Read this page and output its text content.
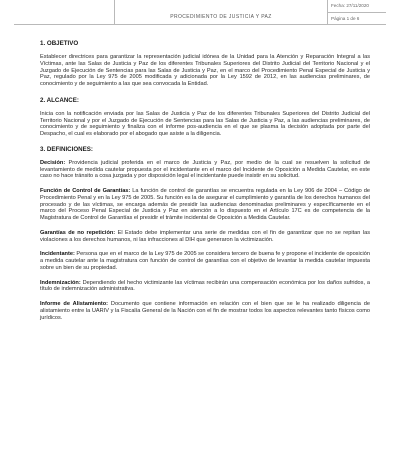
PROCEDIMIENTO DE JUSTICIA Y PAZ
Fecha: 27/11/2020
Página 1 de 6

1. OBJETIVO

Establecer directrices para garantizar la representación judicial idónea de la Unidad para la Atención y Reparación Integral a las Víctimas, ante las Salas de Justicia y Paz de los diferentes Tribunales Superiores del Distrito Judicial del Territorio Nacional y el Juzgado de Ejecución de Sentencias para las Salas de Justicia y Paz, en el marco del Procedimiento Penal Especial de Justicia y Paz, regulado por la Ley 975 de 2005 modificada y adicionada por la Ley 1592 de 2012, en las audiencias preliminares, de conocimiento y de seguimiento a las que sea convocada la Entidad.

2. ALCANCE:

Inicia con la notificación enviada por las Salas de Justicia y Paz de los diferentes Tribunales Superiores del Distrito Judicial del Territorio Nacional y por el Juzgado de Ejecución de Sentencias para las Salas de Justicia y Paz, a las audiencias preliminares, de conocimiento y de seguimiento y finaliza con el informe pos-audiencia en el que se plasma la decisión adoptada por parte del Despacho, el cual es elaborado por el abogado que asiste a la diligencia.

3. DEFINICIONES:

Decisión: Providencia judicial proferida en el marco de Justicia y Paz, por medio de la cual se resuelven la solicitud de levantamiento de medida cautelar propuesta por el incidentante en el marco del Incidente de Oposición a Medida Cautelar, en este caso no hace tránsito a cosa juzgada y por disposición legal el incidentante puede insistir en su solicitud.

Función de Control de Garantías: La función de control de garantías se encuentra regulada en la Ley 906 de 2004 – Código de Procedimiento Penal y en la Ley 975 de 2005. Su función es la de asegurar el cumplimiento y garantía de los derechos humanos del procesado y de las víctimas, se encarga además de presidir las audiencias denominadas preliminares y específicamente en el marco del Proceso Penal Especial de Justicia y Paz en atención a lo dispuesto en el Artículo 17C es de competencia de la Magistratura de Control de Garantías el presidir el trámite incidental de Oposición a Medida Cautelar.

Garantías de no repetición: El Estado debe implementar una serie de medidas con el fin de garantizar que no se repitan las violaciones a los derechos humanos, ni las infracciones al DIH que generaron la victimización.

Incidentante: Persona que en el marco de la Ley 975 de 2005 se considera tercero de buena fe y propone el incidente de oposición a medida cautelar ante la magistratura con función de control de garantías con el objetivo de levantar la medida cautelar impuesta sobre un bien de su propiedad.

Indemnización: Dependiendo del hecho victimizante las víctimas recibirán una compensación económica por los daños sufridos, a título de indemnización administrativa.

Informe de Alistamiento: Documento que contiene información en relación con el bien que se le ha realizado diligencia de alistamiento entre la UARIV y la Fiscalía General de la Nación con el fin de mostrar todos los aspectos relevantes tanto físicos como jurídicos.
